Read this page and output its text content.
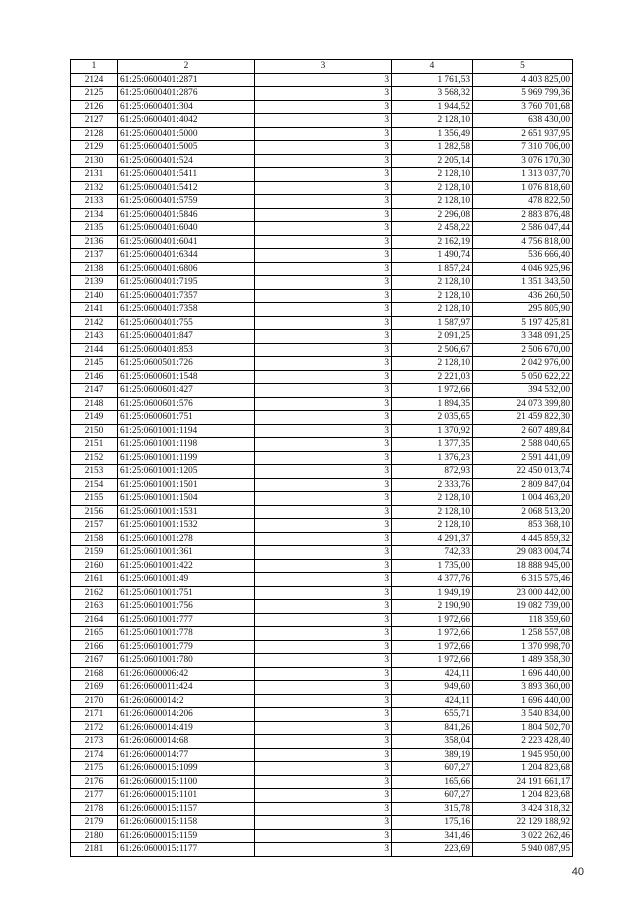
1	2	3	4	5
2124	61:25:0600401:2871	3	1 761,53	4 403 825,00
2125	61:25:0600401:2876	3	3 568,32	5 969 799,36
2126	61:25:0600401:304	3	1 944,52	3 760 701,68
2127	61:25:0600401:4042	3	2 128,10	638 430,00
2128	61:25:0600401:5000	3	1 356,49	2 651 937,95
2129	61:25:0600401:5005	3	1 282,58	7 310 706,00
2130	61:25:0600401:524	3	2 205,14	3 076 170,30
2131	61:25:0600401:5411	3	2 128,10	1 313 037,70
2132	61:25:0600401:5412	3	2 128,10	1 076 818,60
2133	61:25:0600401:5759	3	2 128,10	478 822,50
2134	61:25:0600401:5846	3	2 296,08	2 883 876,48
2135	61:25:0600401:6040	3	2 458,22	2 586 047,44
2136	61:25:0600401:6041	3	2 162,19	4 756 818,00
2137	61:25:0600401:6344	3	1 490,74	536 666,40
2138	61:25:0600401:6806	3	1 857,24	4 046 925,96
2139	61:25:0600401:7195	3	2 128,10	1 351 343,50
2140	61:25:0600401:7357	3	2 128,10	436 260,50
2141	61:25:0600401:7358	3	2 128,10	295 805,90
2142	61:25:0600401:755	3	1 587,97	5 197 425,81
2143	61:25:0600401:847	3	2 091,25	3 348 091,25
2144	61:25:0600401:853	3	2 506,67	2 506 670,00
2145	61:25:0600501:726	3	2 128,10	2 042 976,00
2146	61:25:0600601:1548	3	2 221,03	5 050 622,22
2147	61:25:0600601:427	3	1 972,66	394 532,00
2148	61:25:0600601:576	3	1 894,35	24 073 399,80
2149	61:25:0600601:751	3	2 035,65	21 459 822,30
2150	61:25:0601001:1194	3	1 370,92	2 607 489,84
2151	61:25:0601001:1198	3	1 377,35	2 588 040,65
2152	61:25:0601001:1199	3	1 376,23	2 591 441,09
2153	61:25:0601001:1205	3	872,93	22 450 013,74
2154	61:25:0601001:1501	3	2 333,76	2 809 847,04
2155	61:25:0601001:1504	3	2 128,10	1 004 463,20
2156	61:25:0601001:1531	3	2 128,10	2 068 513,20
2157	61:25:0601001:1532	3	2 128,10	853 368,10
2158	61:25:0601001:278	3	4 291,37	4 445 859,32
2159	61:25:0601001:361	3	742,33	29 083 004,74
2160	61:25:0601001:422	3	1 735,00	18 888 945,00
2161	61:25:0601001:49	3	4 377,76	6 315 575,46
2162	61:25:0601001:751	3	1 949,19	23 000 442,00
2163	61:25:0601001:756	3	2 190,90	19 082 739,00
2164	61:25:0601001:777	3	1 972,66	118 359,60
2165	61:25:0601001:778	3	1 972,66	1 258 557,08
2166	61:25:0601001:779	3	1 972,66	1 370 998,70
2167	61:25:0601001:780	3	1 972,66	1 489 358,30
2168	61:26:0600006:42	3	424,11	1 696 440,00
2169	61:26:0600011:424	3	949,60	3 893 360,00
2170	61:26:0600014:2	3	424,11	1 696 440,00
2171	61:26:0600014:206	3	655,71	3 540 834,00
2172	61:26:0600014:419	3	841,26	1 804 502,70
2173	61:26:0600014:68	3	358,04	2 223 428,40
2174	61:26:0600014:77	3	389,19	1 945 950,00
2175	61:26:0600015:1099	3	607,27	1 204 823,68
2176	61:26:0600015:1100	3	165,66	24 191 661,17
2177	61:26:0600015:1101	3	607,27	1 204 823,68
2178	61:26:0600015:1157	3	315,78	3 424 318,32
2179	61:26:0600015:1158	3	175,16	22 129 188,92
2180	61:26:0600015:1159	3	341,46	3 022 262,46
2181	61:26:0600015:1177	3	223,69	5 940 087,95
40
